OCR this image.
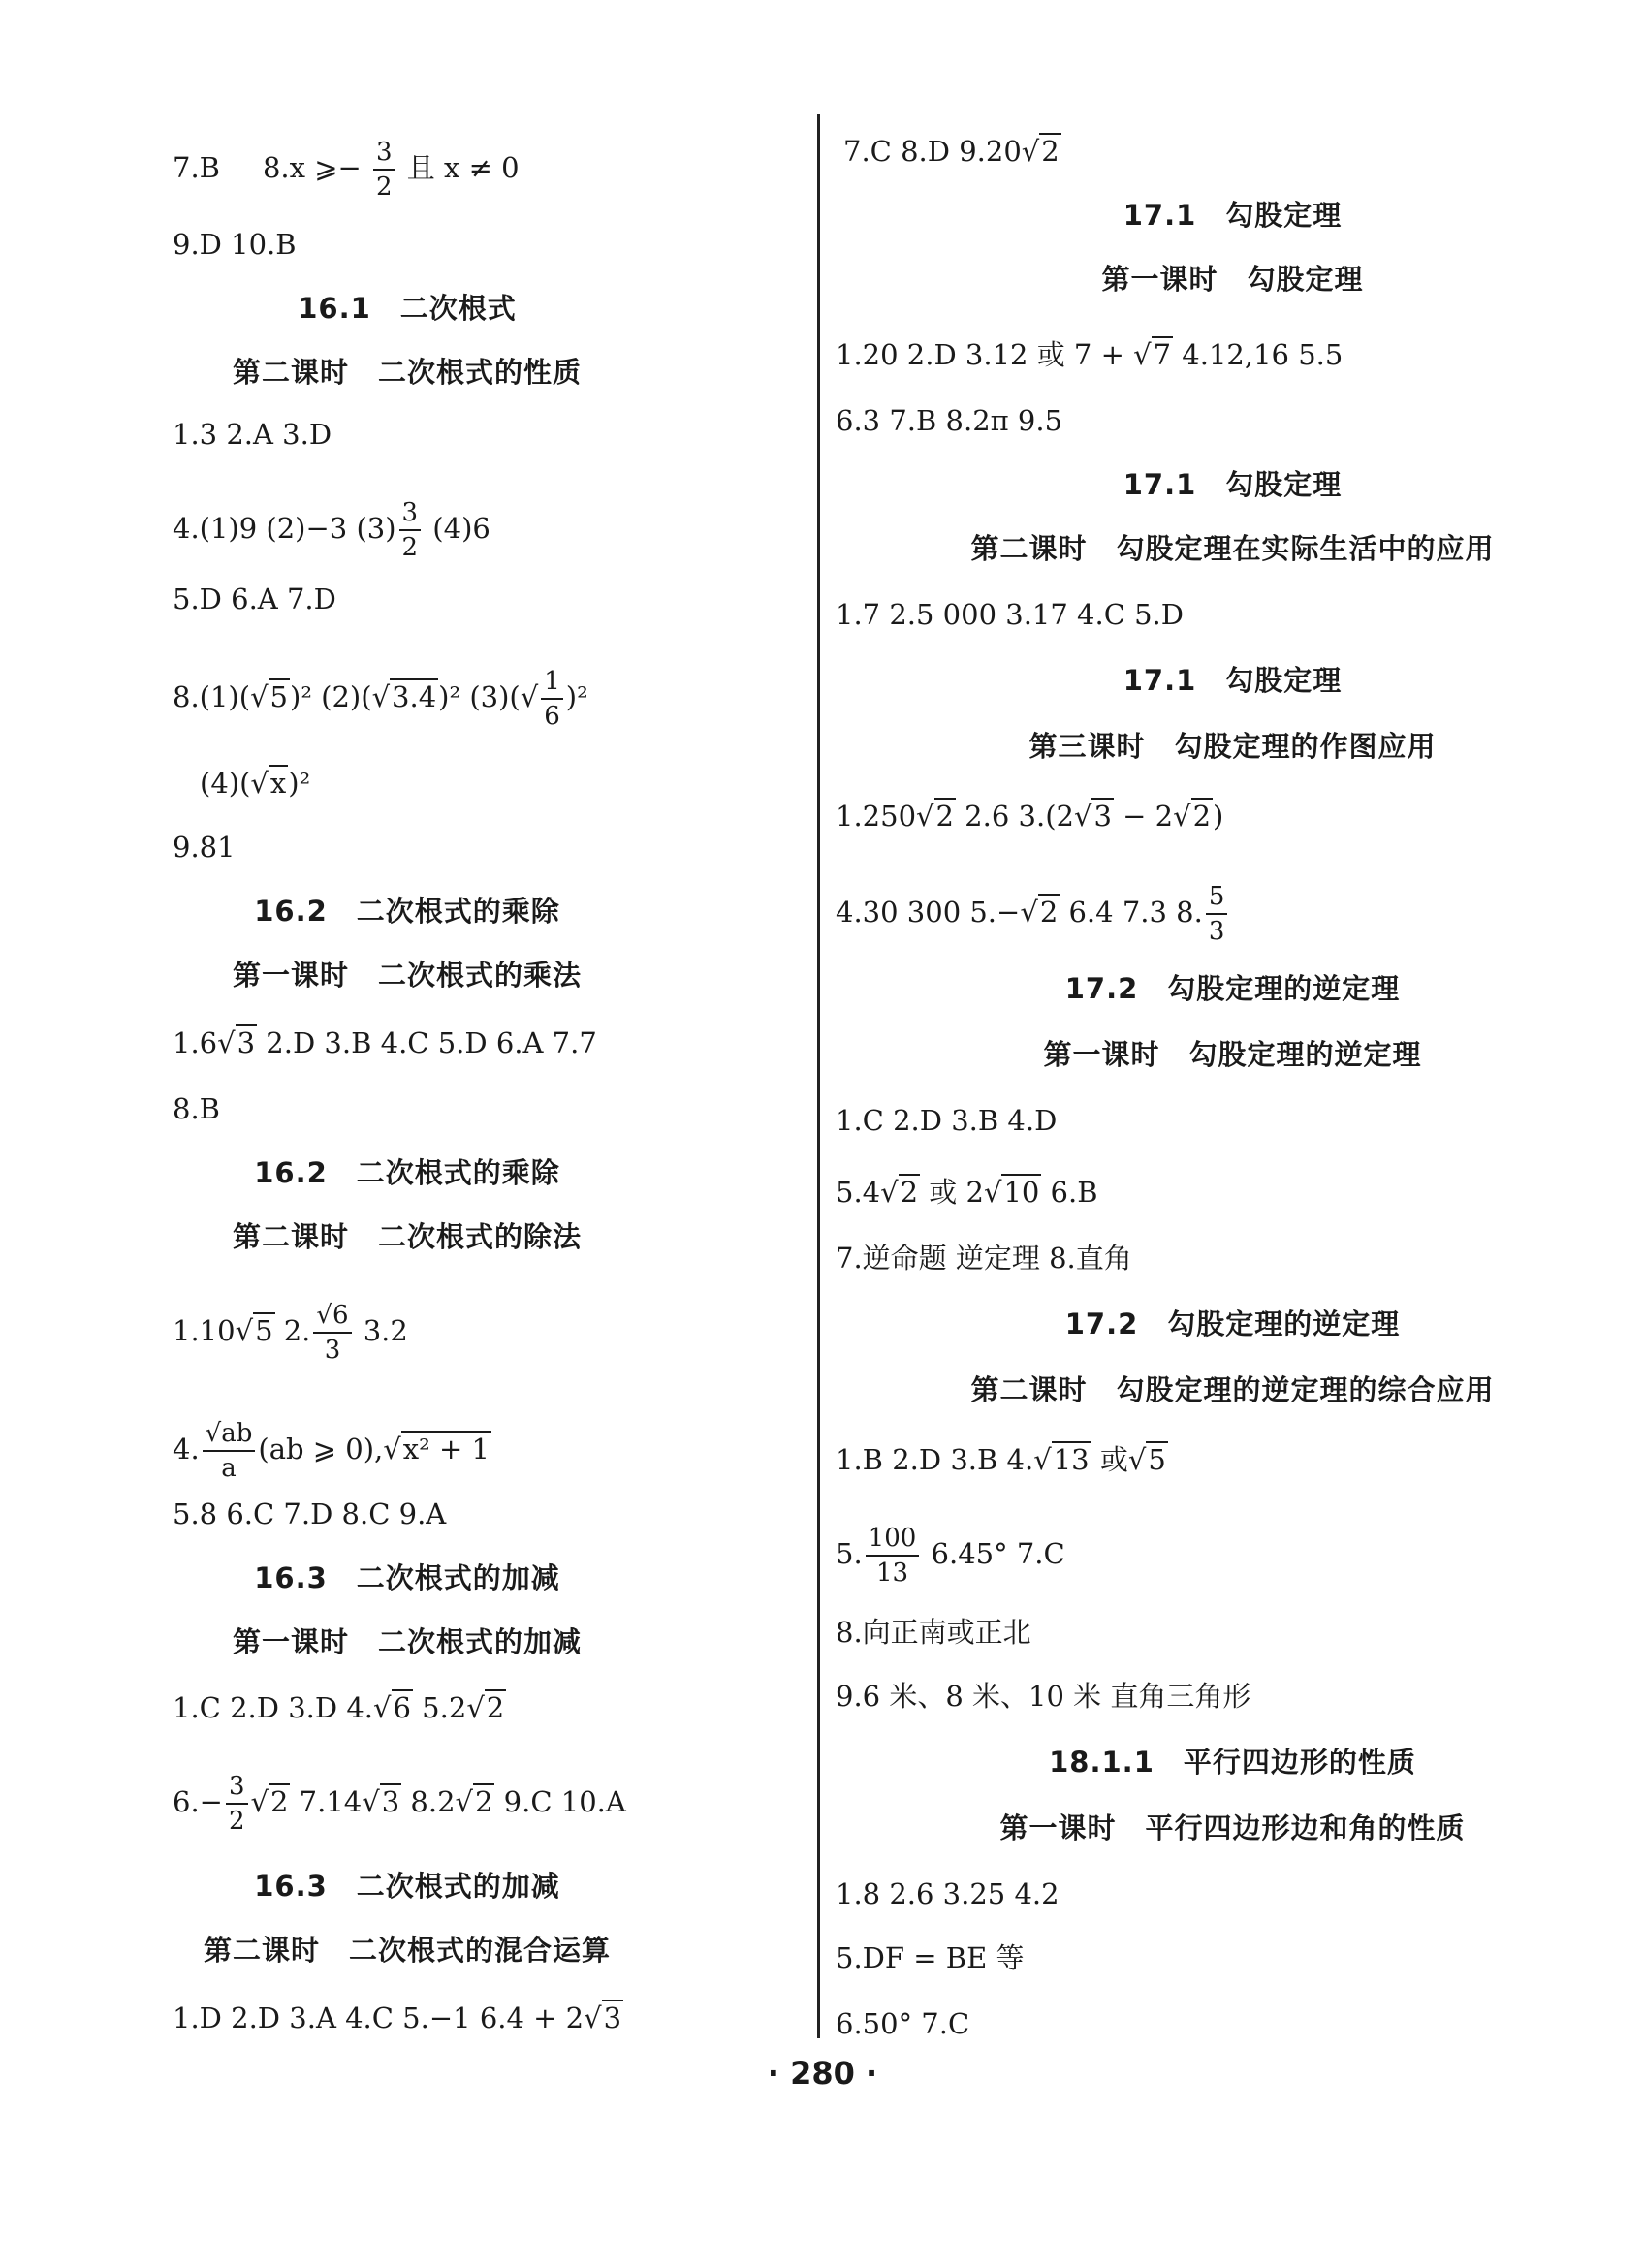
7.B 8.x ⩾− $\frac{3}{2}$ 且 x ≠ 0
9.D 10.B
16.1　二次根式
第二课时　二次根式的性质
1.3 2.A 3.D
4.(1)9 (2)−3 $(3) \frac{3}{2} (4)6$
5.D 6.A 7.D
8.(1)(√5)² (2)(√3.4)² $(3)(√ \frac{1}{6} )^2$
(4)(√x)²
9.81
16.2　二次根式的乘除
第一课时　二次根式的乘法
1.6√3 2.D 3.B 4.C 5.D 6.A 7.7
8.B
16.2　二次根式的乘除
第二课时　二次根式的除法
1.10√5 2. $\frac{√6}{3} 3.2$
4. $\frac{√ab}{a} (ab$ ⩾ 0),√x² + 1
5.8 6.C 7.D 8.C 9.A
16.3　二次根式的加减
第一课时　二次根式的加减
1.C 2.D 3.D 4.√6 5.2√2
$6.- \frac{3}{2} √2$ 7.14√3 8.2√2 9.C 10.A
16.3　二次根式的加减
第二课时　二次根式的混合运算
1.D 2.D 3.A 4.C 5.−1 6.4 + 2√3
7.C 8.D 9.20√2
17.1　勾股定理
第一课时　勾股定理
1.20 2.D 3.12 或 7 + √7 4.12,16 5.5
6.3 7.B 8.2π 9.5
17.1　勾股定理
第二课时　勾股定理在实际生活中的应用
1.7 2.5 000 3.17 4.C 5.D
17.1　勾股定理
第三课时　勾股定理的作图应用
1.250√2 2.6 3.(2√3 − 2√2)
4.30 300 5.−√2 6.4 7.3 8. $\frac{5}{3}$
17.2　勾股定理的逆定理
第一课时　勾股定理的逆定理
1.C 2.D 3.B 4.D
5.4√2 或 2√10 6.B
7.逆命题 逆定理 8.直角
17.2　勾股定理的逆定理
第二课时　勾股定理的逆定理的综合应用
1.B 2.D 3.B 4.√13 或√5
5. $\frac{100}{13} 6.45^\circ$ 7.C
8.向正南或正北
9.6 米、8 米、10 米 直角三角形
18.1.1　平行四边形的性质
第一课时　平行四边形边和角的性质
1.8 2.6 3.25 4.2
5.DF = BE 等
6.50° 7.C
· 280 ·
